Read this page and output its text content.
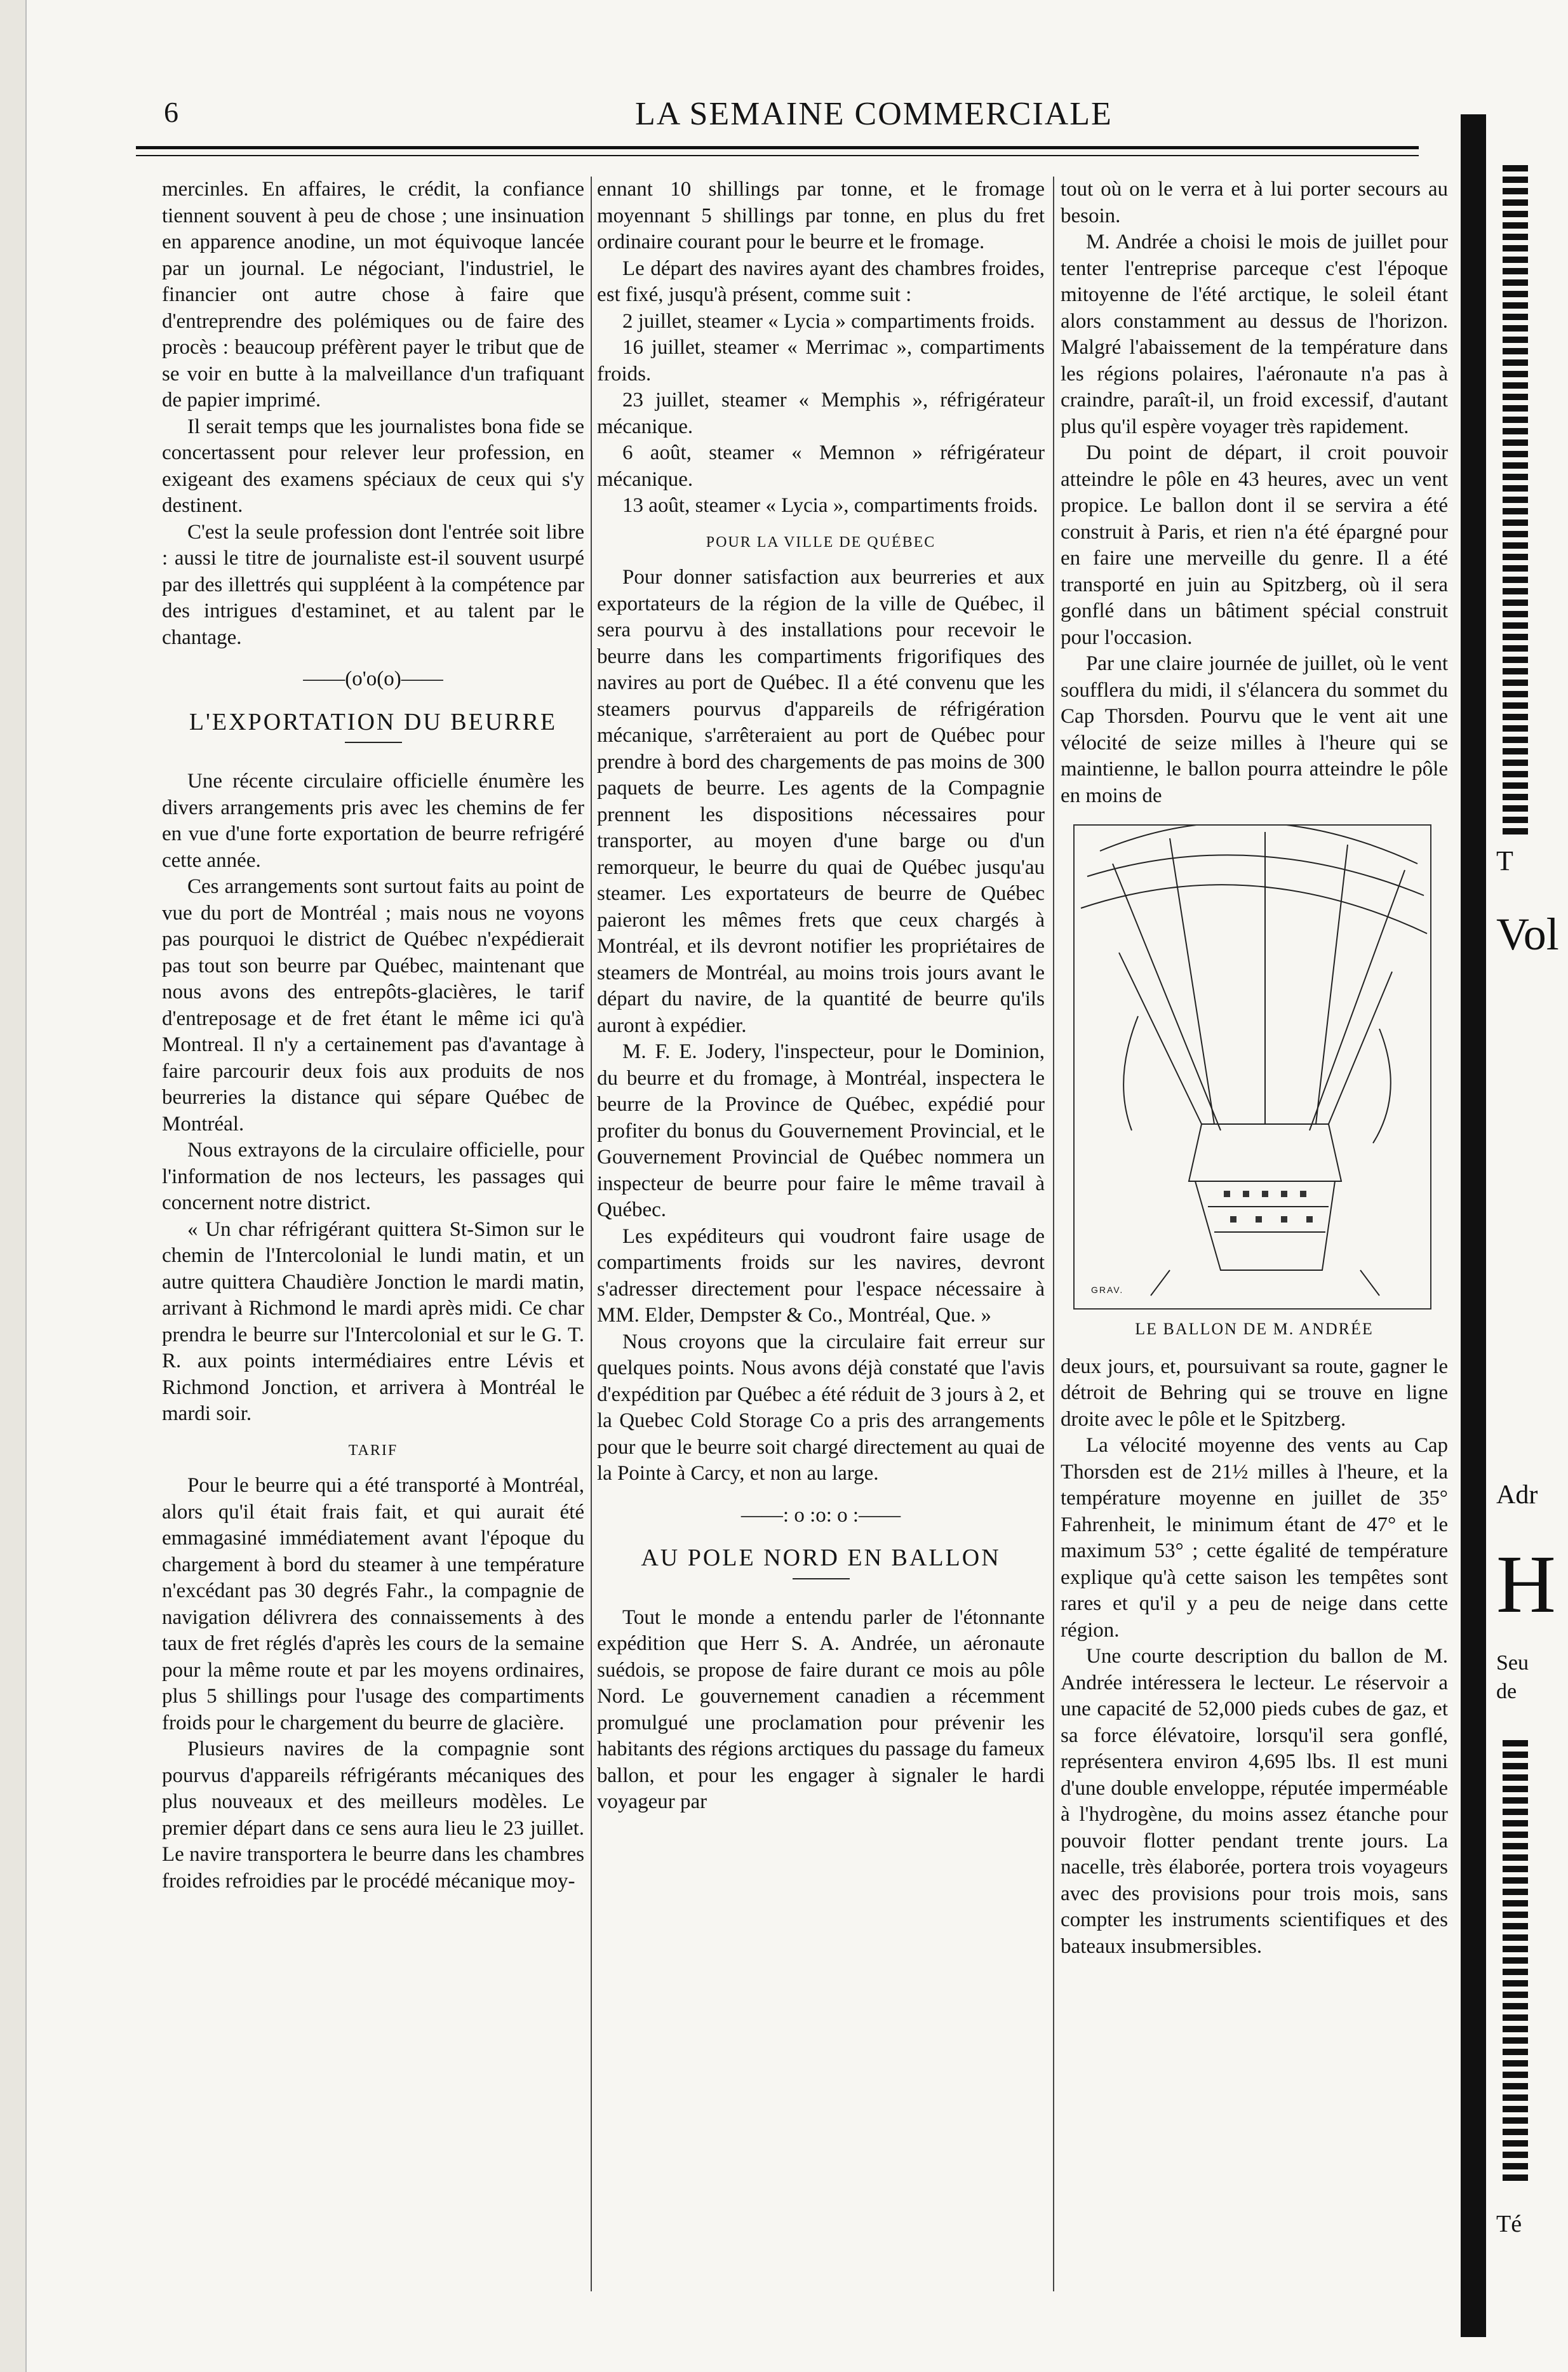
6	LA SEMAINE COMMERCIALE

mercinles. En affaires, le crédit, la confiance tiennent souvent à peu de chose ; une insinuation en apparence anodine, un mot équivoque lancée par un journal. Le négociant, l'industriel, le financier ont autre chose à faire que d'entreprendre des polémiques ou de faire des procès : beaucoup préfèrent payer le tribut que de se voir en butte à la malveillance d'un trafiquant de papier imprimé.

Il serait temps que les journalistes bona fide se concertassent pour relever leur profession, en exigeant des examens spéciaux de ceux qui s'y destinent.

C'est la seule profession dont l'entrée soit libre : aussi le titre de journaliste est-il souvent usurpé par des illettrés qui suppléent à la compétence par des intrigues d'estaminet, et au talent par le chantage.

——(o'o(o)——

L'EXPORTATION DU BEURRE

Une récente circulaire officielle énumère les divers arrangements pris avec les chemins de fer en vue d'une forte exportation de beurre refrigéré cette année.

Ces arrangements sont surtout faits au point de vue du port de Montréal ; mais nous ne voyons pas pourquoi le district de Québec n'expédierait pas tout son beurre par Québec, maintenant que nous avons des entrepôts-glacières, le tarif d'entreposage et de fret étant le même ici qu'à Montreal. Il n'y a certainement pas d'avantage à faire parcourir deux fois aux produits de nos beurreries la distance qui sépare Québec de Montréal.

Nous extrayons de la circulaire officielle, pour l'information de nos lecteurs, les passages qui concernent notre district.

« Un char réfrigérant quittera St-Simon sur le chemin de l'Intercolonial le lundi matin, et un autre quittera Chaudière Jonction le mardi matin, arrivant à Richmond le mardi après midi. Ce char prendra le beurre sur l'Intercolonial et sur le G. T. R. aux points intermédiaires entre Lévis et Richmond Jonction, et arrivera à Montréal le mardi soir.

TARIF

Pour le beurre qui a été transporté à Montréal, alors qu'il était frais fait, et qui aurait été emmagasiné immédiatement avant l'époque du chargement à bord du steamer à une température n'excédant pas 30 degrés Fahr., la compagnie de navigation délivrera des connaissements à des taux de fret réglés d'après les cours de la semaine pour la même route et par les moyens ordinaires, plus 5 shillings pour l'usage des compartiments froids pour le chargement du beurre de glacière.

Plusieurs navires de la compagnie sont pourvus d'appareils réfrigérants mécaniques des plus nouveaux et des meilleurs modèles. Le premier départ dans ce sens aura lieu le 23 juillet. Le navire transportera le beurre dans les chambres froides refroidies par le procédé mécanique moy-

ennant 10 shillings par tonne, et le fromage moyennant 5 shillings par tonne, en plus du fret ordinaire courant pour le beurre et le fromage.

Le départ des navires ayant des chambres froides, est fixé, jusqu'à présent, comme suit :

2 juillet, steamer « Lycia » compartiments froids.

16 juillet, steamer « Merrimac », compartiments froids.

23 juillet, steamer « Memphis », réfrigérateur mécanique.

6 août, steamer « Memnon » réfrigérateur mécanique.

13 août, steamer « Lycia », compartiments froids.

POUR LA VILLE DE QUÉBEC

Pour donner satisfaction aux beurreries et aux exportateurs de la région de la ville de Québec, il sera pourvu à des installations pour recevoir le beurre dans les compartiments frigorifiques des navires au port de Québec. Il a été convenu que les steamers pourvus d'appareils de réfrigération mécanique, s'arrêteraient au port de Québec pour prendre à bord des chargements de pas moins de 300 paquets de beurre. Les agents de la Compagnie prennent les dispositions nécessaires pour transporter, au moyen d'une barge ou d'un remorqueur, le beurre du quai de Québec jusqu'au steamer. Les exportateurs de beurre de Québec paieront les mêmes frets que ceux chargés à Montréal, et ils devront notifier les propriétaires de steamers de Montréal, au moins trois jours avant le départ du navire, de la quantité de beurre qu'ils auront à expédier.

M. F. E. Jodery, l'inspecteur, pour le Dominion, du beurre et du fromage, à Montréal, inspectera le beurre de la Province de Québec, expédié pour profiter du bonus du Gouvernement Provincial, et le Gouvernement Provincial de Québec nommera un inspecteur de beurre pour faire le même travail à Québec.

Les expéditeurs qui voudront faire usage de compartiments froids sur les navires, devront s'adresser directement pour l'espace nécessaire à MM. Elder, Dempster & Co., Montréal, Que. »

Nous croyons que la circulaire fait erreur sur quelques points. Nous avons déjà constaté que l'avis d'expédition par Québec a été réduit de 3 jours à 2, et la Quebec Cold Storage Co a pris des arrangements pour que le beurre soit chargé directement au quai de la Pointe à Carcy, et non au large.

——: o :o: o :——

AU POLE NORD EN BALLON

Tout le monde a entendu parler de l'étonnante expédition que Herr S. A. Andrée, un aéronaute suédois, se propose de faire durant ce mois au pôle Nord. Le gouvernement canadien a récemment promulgué une proclamation pour prévenir les habitants des régions arctiques du passage du fameux ballon, et pour les engager à signaler le hardi voyageur par

tout où on le verra et à lui porter secours au besoin.

M. Andrée a choisi le mois de juillet pour tenter l'entreprise parceque c'est l'époque mitoyenne de l'été arctique, le soleil étant alors constamment au dessus de l'horizon. Malgré l'abaissement de la température dans les régions polaires, l'aéronaute n'a pas à craindre, paraît-il, un froid excessif, d'autant plus qu'il espère voyager très rapidement.

Du point de départ, il croit pouvoir atteindre le pôle en 43 heures, avec un vent propice. Le ballon dont il se servira a été construit à Paris, et rien n'a été épargné pour en faire une merveille du genre. Il a été transporté en juin au Spitzberg, où il sera gonflé dans un bâtiment spécial construit pour l'occasion.

Par une claire journée de juillet, où le vent soufflera du midi, il s'élancera du sommet du Cap Thorsden. Pourvu que le vent ait une vélocité de seize milles à l'heure qui se maintienne, le ballon pourra atteindre le pôle en moins de

GRAV.

LE BALLON DE M. ANDRÉE

deux jours, et, poursuivant sa route, gagner le détroit de Behring qui se trouve en ligne droite avec le pôle et le Spitzberg.

La vélocité moyenne des vents au Cap Thorsden est de 21½ milles à l'heure, et la température moyenne en juillet de 35° Fahrenheit, le minimum étant de 47° et le maximum 53° ; cette égalité de température explique qu'à cette saison les tempêtes sont rares et qu'il y a peu de neige dans cette région.

Une courte description du ballon de M. Andrée intéressera le lecteur. Le réservoir a une capacité de 52,000 pieds cubes de gaz, et sa force élévatoire, lorsqu'il sera gonflé, représentera environ 4,695 lbs. Il est muni d'une double enveloppe, réputée imperméable à l'hydrogène, du moins assez étanche pour pouvoir flotter pendant trente jours. La nacelle, très élaborée, portera trois voyageurs avec des provisions pour trois mois, sans compter les instruments scientifiques et des bateaux insubmersibles.

T
Vol
Adr
H
Seu
de
Té
